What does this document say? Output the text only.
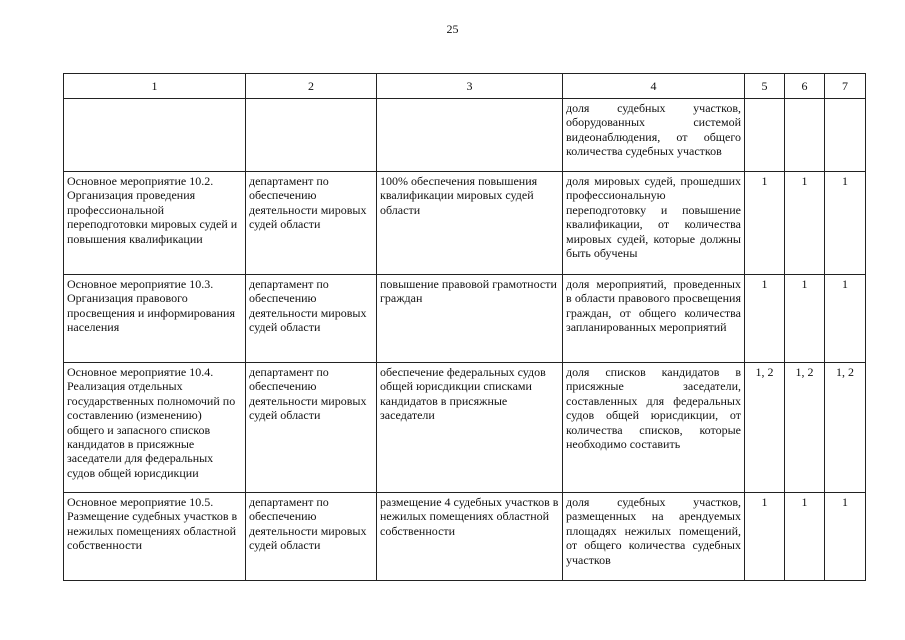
25
1	2	3	4	5	6	7
			доля судебных участков, оборудованных системой видеонаблюдения, от общего количества судебных участков			
Основное мероприятие 10.2. Организация проведения профессиональной переподготовки мировых судей и повышения квалификации	департамент по обеспечению деятельности мировых судей области	100% обеспечения повышения квалификации мировых судей области	доля мировых судей, прошедших профессиональную переподготовку и повышение квалификации, от количества мировых судей, которые должны быть обучены	1	1	1
Основное мероприятие 10.3. Организация правового просвещения и информирования населения	департамент по обеспечению деятельности мировых судей области	повышение правовой грамотности граждан	доля мероприятий, проведенных в области правового просвещения граждан, от общего количества запланированных мероприятий	1	1	1
Основное мероприятие 10.4. Реализация отдельных государственных полномочий по составлению (изменению) общего и запасного списков кандидатов в присяжные заседатели для федеральных судов общей юрисдикции	департамент по обеспечению деятельности мировых судей области	обеспечение федеральных судов общей юрисдикции списками кандидатов в присяжные заседатели	доля списков кандидатов в присяжные заседатели, составленных для федеральных судов общей юрисдикции, от количества списков, которые необходимо составить	1, 2	1, 2	1, 2
Основное мероприятие 10.5. Размещение судебных участков в нежилых помещениях областной собственности	департамент по обеспечению деятельности мировых судей области	размещение 4 судебных участков в нежилых помещениях областной собственности	доля судебных участков, размещенных на арендуемых площадях нежилых помещений, от общего количества судебных участков	1	1	1
